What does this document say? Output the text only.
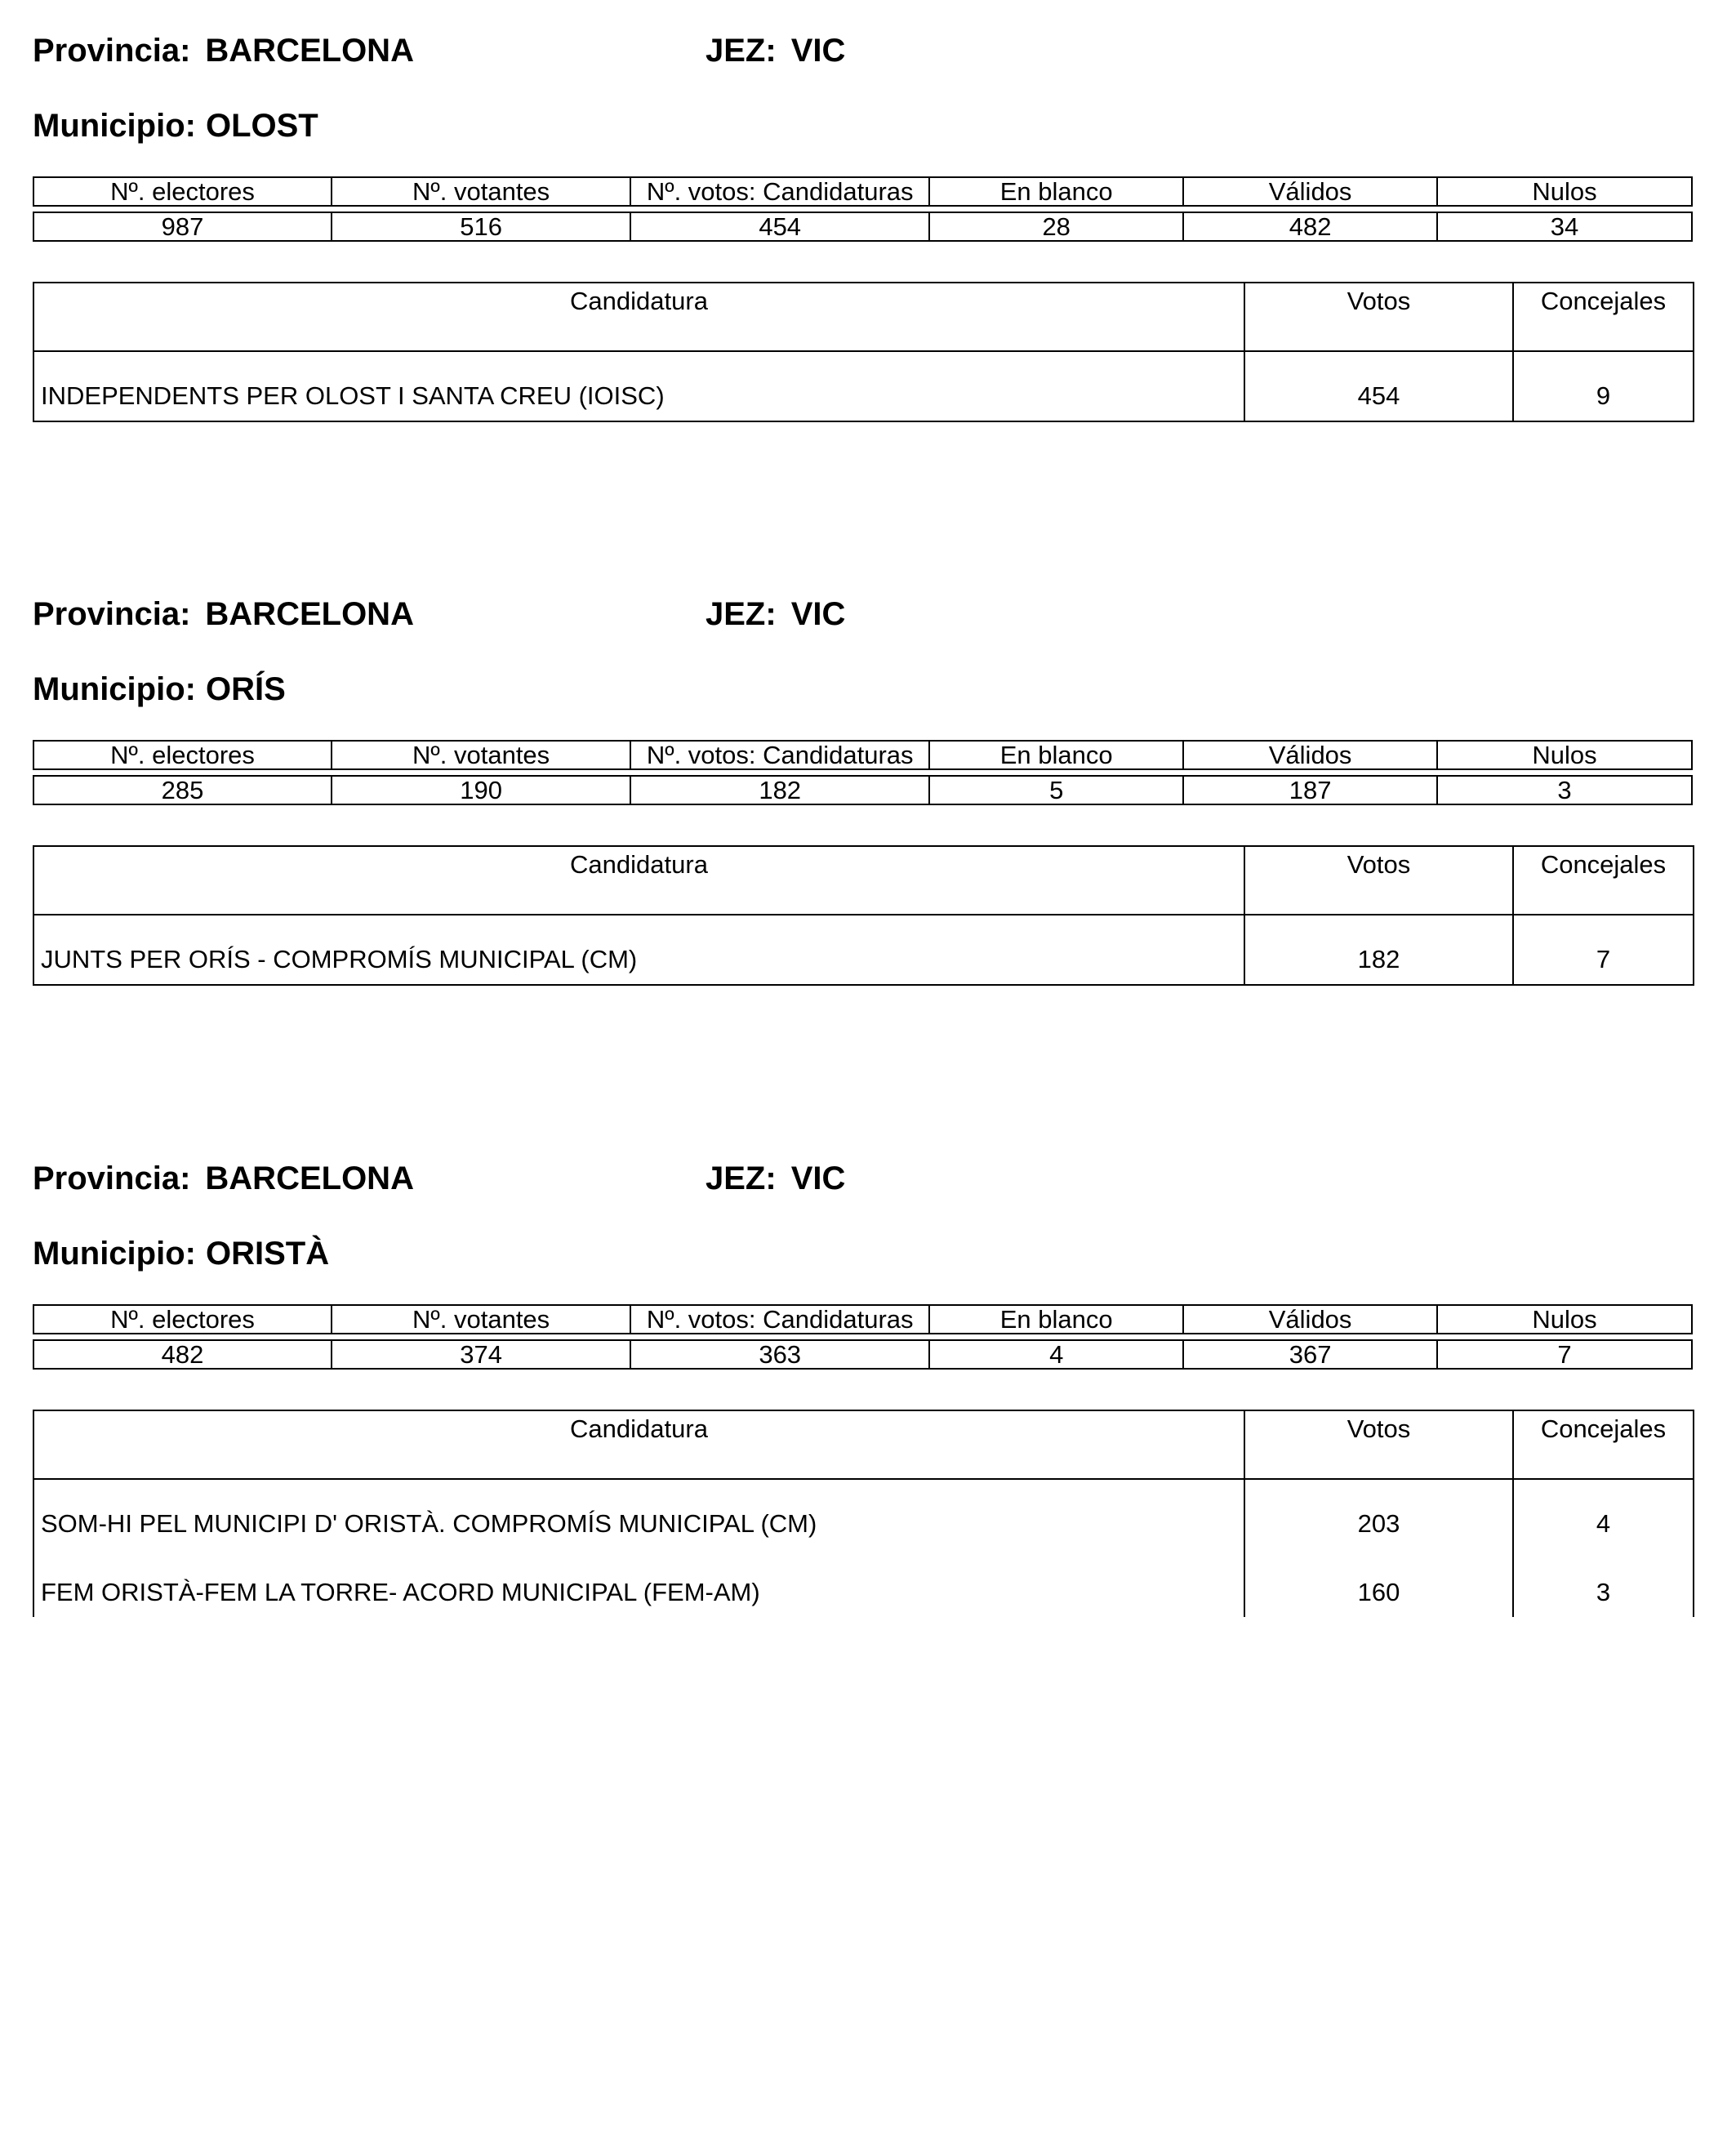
Provincia: BARCELONA	JEZ: VIC
Municipio: OLOST
Nº. electores	Nº. votantes	Nº. votos: Candidaturas	En blanco	Válidos	Nulos
987	516	454	28	482	34
Candidatura	Votos	Concejales
INDEPENDENTS PER OLOST I SANTA CREU (IOISC)	454	9
Provincia: BARCELONA	JEZ: VIC
Municipio: ORÍS
Nº. electores	Nº. votantes	Nº. votos: Candidaturas	En blanco	Válidos	Nulos
285	190	182	5	187	3
Candidatura	Votos	Concejales
JUNTS PER ORÍS - COMPROMÍS MUNICIPAL (CM)	182	7
Provincia: BARCELONA	JEZ: VIC
Municipio: ORISTÀ
Nº. electores	Nº. votantes	Nº. votos: Candidaturas	En blanco	Válidos	Nulos
482	374	363	4	367	7
Candidatura	Votos	Concejales
SOM-HI PEL MUNICIPI D' ORISTÀ. COMPROMÍS MUNICIPAL (CM)	203	4
FEM ORISTÀ-FEM LA TORRE- ACORD MUNICIPAL (FEM-AM)	160	3
